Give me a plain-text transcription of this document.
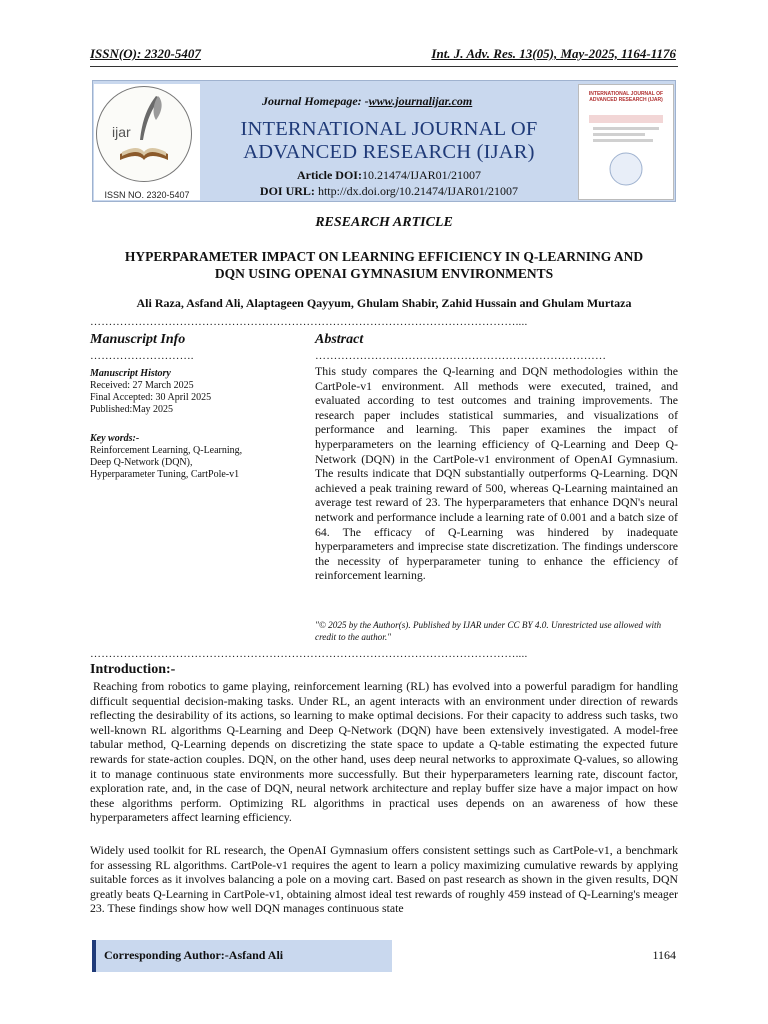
ISSN(O): 2320-5407	Int. J. Adv. Res. 13(05), May-2025, 1164-1176
ijar
ISSN NO. 2320-5407
Journal Homepage: -www.journalijar.com
INTERNATIONAL JOURNAL OF
ADVANCED RESEARCH (IJAR)
Article DOI:10.21474/IJAR01/21007
DOI URL: http://dx.doi.org/10.21474/IJAR01/21007
INTERNATIONAL JOURNAL OF ADVANCED RESEARCH (IJAR)
RESEARCH ARTICLE
HYPERPARAMETER IMPACT ON LEARNING EFFICIENCY IN Q-LEARNING AND
DQN USING OPENAI GYMNASIUM ENVIRONMENTS
Ali Raza, Asfand Ali, Alaptageen Qayyum, Ghulam Shabir, Zahid Hussain and Ghulam Murtaza
……………………………………………………………………………………………………....
Manuscript Info
……………………….
Manuscript History
Received: 27 March 2025
Final Accepted: 30 April 2025
Published:May 2025
Key words:-
Reinforcement Learning, Q-Learning,
Deep Q-Network (DQN),
Hyperparameter Tuning, CartPole-v1
Abstract
……………………………………………………………………
This study compares the Q-learning and DQN methodologies within the CartPole-v1 environment. All methods were executed, trained, and evaluated according to test outcomes and training improvements. The research paper includes statistical summaries, and visualizations of performance and learning. This paper examines the impact of hyperparameters on the learning efficiency of Q-Learning and Deep Q-Network (DQN) in the CartPole-v1 environment of OpenAI Gymnasium. The results indicate that DQN substantially outperforms Q-Learning. DQN achieved a peak training reward of 500, whereas Q-Learning maintained an average test reward of 23. The hyperparameters that enhance DQN's neural network and performance include a learning rate of 0.001 and a batch size of 64. The efficacy of Q-Learning was hindered by inadequate hyperparameters and imprecise state discretization. The findings underscore the necessity of hyperparameter tuning to enhance the efficiency of reinforcement learning.
"© 2025 by the Author(s). Published by IJAR under CC BY 4.0. Unrestricted use allowed with credit to the author."
……………………………………………………………………………………………………....
Introduction:-
Reaching from robotics to game playing, reinforcement learning (RL) has evolved into a powerful paradigm for handling difficult sequential decision-making tasks. Under RL, an agent interacts with an environment under direction of rewards reflecting the desirability of its actions, so learning to make optimal decisions. For their capacity to address such tasks, two well-known RL algorithms Q-Learning and Deep Q-Network (DQN) have been extensively investigated. A model-free tabular method, Q-Learning depends on discretizing the state space to update a Q-table estimating the expected future rewards for state-action couples. DQN, on the other hand, uses deep neural networks to approximate Q-values, so allowing it to manage continuous state environments more successfully. But their hyperparameters learning rate, discount factor, exploration rate, and, in the case of DQN, neural network architecture and replay buffer size have a major impact on how these algorithms perform. Optimizing RL algorithms in practical uses depends on an awareness of how these hyperparameters affect learning efficiency.
Widely used toolkit for RL research, the OpenAI Gymnasium offers consistent settings such as CartPole-v1, a benchmark for assessing RL algorithms. CartPole-v1 requires the agent to learn a policy maximizing cumulative rewards by applying suitable forces as it involves balancing a pole on a moving cart. Based on past research as shown in the given results, DQN greatly beats Q-Learning in CartPole-v1, obtaining almost ideal test rewards of roughly 459 instead of Q-Learning's meager 23. These findings show how well DQN manages continuous state
Corresponding Author:-Asfand Ali	1164
